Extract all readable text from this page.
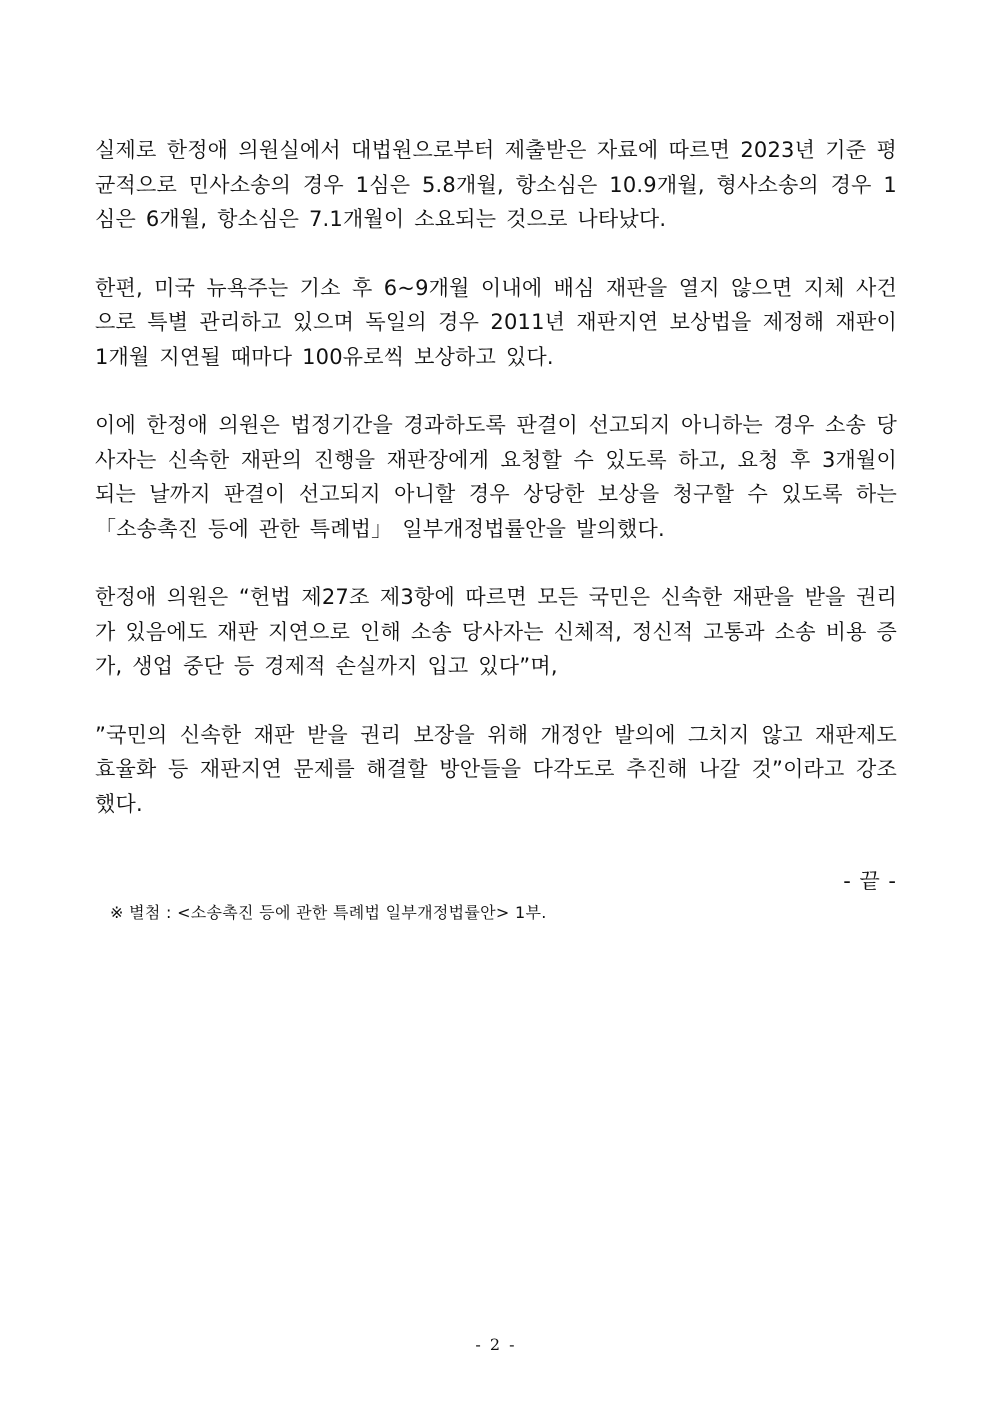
실제로 한정애 의원실에서 대법원으로부터 제출받은 자료에 따르면 2023년 기준 평균적으로 민사소송의 경우 1심은 5.8개월, 항소심은 10.9개월, 형사소송의 경우 1심은 6개월, 항소심은 7.1개월이 소요되는 것으로 나타났다.

한편, 미국 뉴욕주는 기소 후 6~9개월 이내에 배심 재판을 열지 않으면 지체 사건으로 특별 관리하고 있으며 독일의 경우 2011년 재판지연 보상법을 제정해 재판이 1개월 지연될 때마다 100유로씩 보상하고 있다.

이에 한정애 의원은 법정기간을 경과하도록 판결이 선고되지 아니하는 경우 소송 당사자는 신속한 재판의 진행을 재판장에게 요청할 수 있도록 하고, 요청 후 3개월이 되는 날까지 판결이 선고되지 아니할 경우 상당한 보상을 청구할 수 있도록 하는 「소송촉진 등에 관한 특례법」 일부개정법률안을 발의했다.

한정애 의원은 “헌법 제27조 제3항에 따르면 모든 국민은 신속한 재판을 받을 권리가 있음에도 재판 지연으로 인해 소송 당사자는 신체적, 정신적 고통과 소송 비용 증가, 생업 중단 등 경제적 손실까지 입고 있다”며,

”국민의 신속한 재판 받을 권리 보장을 위해 개정안 발의에 그치지 않고 재판제도 효율화 등 재판지연 문제를 해결할 방안들을 다각도로 추진해 나갈 것”이라고 강조했다.

- 끝 -
※ 별첨 : <소송촉진 등에 관한 특례법 일부개정법률안> 1부.
- 2 -
